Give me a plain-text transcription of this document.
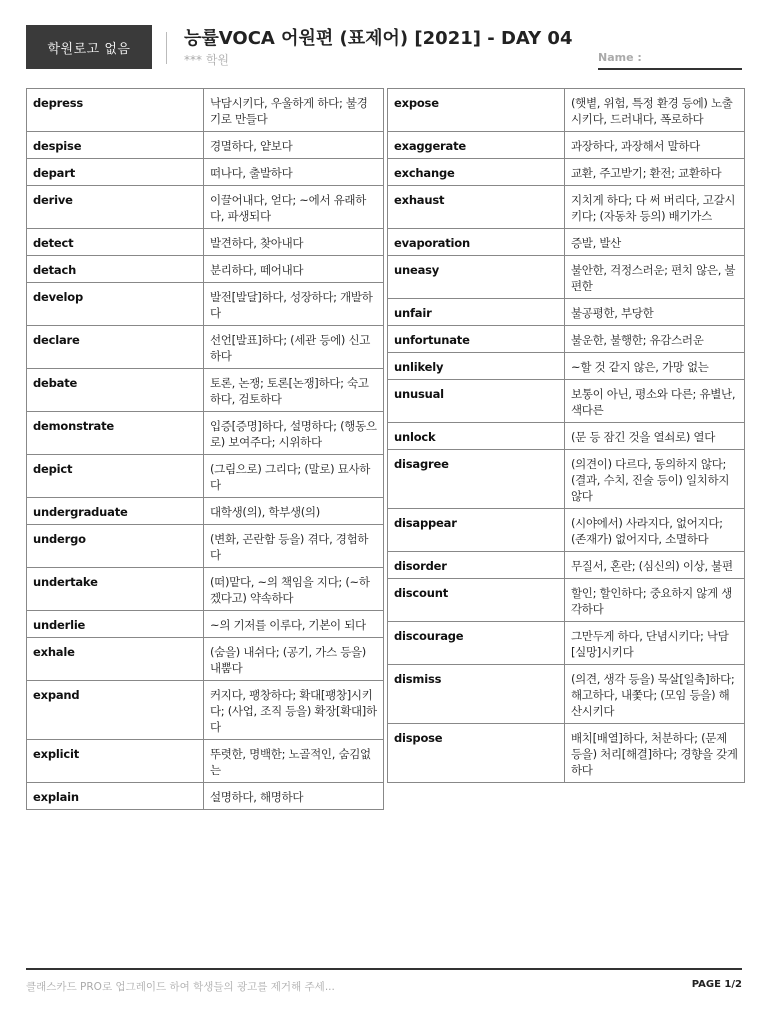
학원로고 없음	능률VOCA 어원편 (표제어) [2021] - DAY 04
*** 학원	Name :
depress	낙담시키다, 우울하게 하다; 불경기로 만들다
despise	경멸하다, 얕보다
depart	떠나다, 출발하다
derive	이끌어내다, 얻다; ~에서 유래하다, 파생되다
detect	발견하다, 찾아내다
detach	분리하다, 떼어내다
develop	발전[발달]하다, 성장하다; 개발하다
declare	선언[발표]하다; (세관 등에) 신고하다
debate	토론, 논쟁; 토론[논쟁]하다; 숙고하다, 검토하다
demonstrate	입증[증명]하다, 설명하다; (행동으로) 보여주다; 시위하다
depict	(그림으로) 그리다; (말로) 묘사하다
undergraduate	대학생(의), 학부생(의)
undergo	(변화, 곤란함 등을) 겪다, 경험하다
undertake	(떠)맡다, ~의 책임을 지다; (~하겠다고) 약속하다
underlie	~의 기저를 이루다, 기본이 되다
exhale	(숨을) 내쉬다; (공기, 가스 등을) 내뿜다
expand	커지다, 팽창하다; 확대[팽창]시키다; (사업, 조직 등을) 확장[확대]하다
explicit	뚜렷한, 명백한; 노골적인, 숨김없는
explain	설명하다, 해명하다
expose	(햇볕, 위험, 특정 환경 등에) 노출시키다, 드러내다, 폭로하다
exaggerate	과장하다, 과장해서 말하다
exchange	교환, 주고받기; 환전; 교환하다
exhaust	지치게 하다; 다 써 버리다, 고갈시키다; (자동차 등의) 배기가스
evaporation	증발, 발산
uneasy	불안한, 걱정스러운; 편치 않은, 불편한
unfair	불공평한, 부당한
unfortunate	불운한, 불행한; 유감스러운
unlikely	~할 것 같지 않은, 가망 없는
unusual	보통이 아닌, 평소와 다른; 유별난, 색다른
unlock	(문 등 잠긴 것을 열쇠로) 열다
disagree	(의견이) 다르다, 동의하지 않다; (결과, 수치, 진술 등이) 일치하지 않다
disappear	(시야에서) 사라지다, 없어지다; (존재가) 없어지다, 소멸하다
disorder	무질서, 혼란; (심신의) 이상, 불편
discount	할인; 할인하다; 중요하지 않게 생각하다
discourage	그만두게 하다, 단념시키다; 낙담[실망]시키다
dismiss	(의견, 생각 등을) 묵살[일축]하다; 해고하다, 내쫓다; (모임 등을) 해산시키다
dispose	배치[배열]하다, 처분하다; (문제 등을) 처리[해결]하다; 경향을 갖게 하다
클래스카드 PRO로 업그레이드 하여 학생들의 광고를 제거해 주세...	PAGE 1/2
